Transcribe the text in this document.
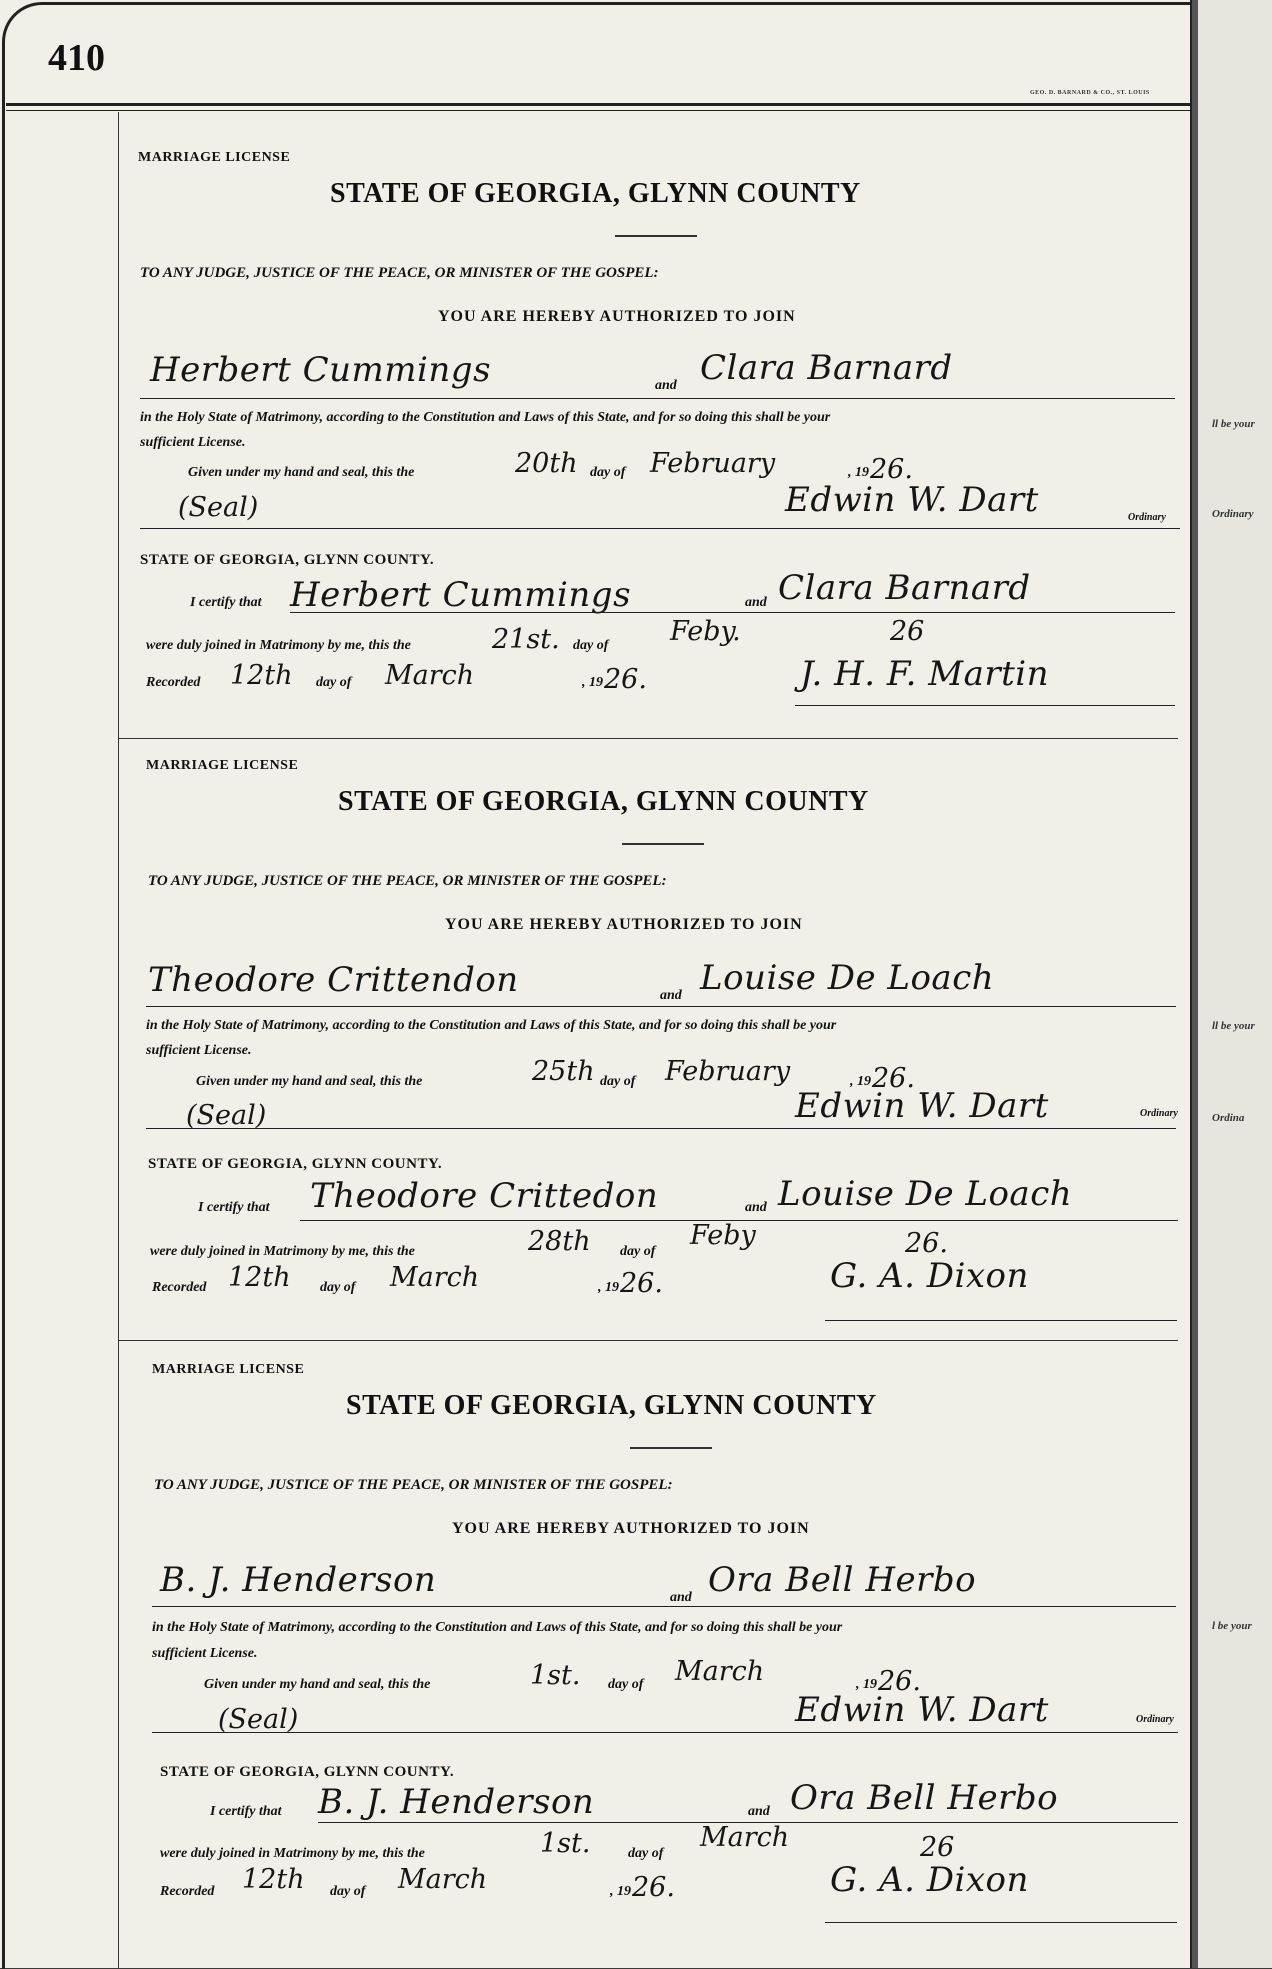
410
GEO. D. BARNARD & CO., ST. LOUIS
ll be your
Ordinary
ll be your
Ordina
l be your
MARRIAGE LICENSE
STATE OF GEORGIA, GLYNN COUNTY
TO ANY JUDGE, JUSTICE OF THE PEACE, OR MINISTER OF THE GOSPEL:
YOU ARE HEREBY AUTHORIZED TO JOIN
Herbert Cummings	and Clara Barnard
in the Holy State of Matrimony, according to the Constitution and Laws of this State, and for so doing this shall be your
sufficient License.
Given under my hand and seal, this the	20th day of February	, 19 26.
(Seal)	Edwin W. Dart	Ordinary
STATE OF GEORGIA, GLYNN COUNTY.
I certify that Herbert Cummings	and Clara Barnard
were duly joined in Matrimony by me, this the	21st. day of Feby.	26
Recorded 12th day of March	, 19 26.	J. H. F. Martin
MARRIAGE LICENSE
STATE OF GEORGIA, GLYNN COUNTY
TO ANY JUDGE, JUSTICE OF THE PEACE, OR MINISTER OF THE GOSPEL:
YOU ARE HEREBY AUTHORIZED TO JOIN
Theodore Crittendon	and Louise De Loach
in the Holy State of Matrimony, according to the Constitution and Laws of this State, and for so doing this shall be your
sufficient License.
Given under my hand and seal, this the	25th day of February	, 19 26.
(Seal)	Edwin W. Dart	Ordinary
STATE OF GEORGIA, GLYNN COUNTY.
I certify that Theodore Crittedon	and Louise De Loach
were duly joined in Matrimony by me, this the	28th day of
Feby	26.
Recorded 12th day of March	, 19 26.	G. A. Dixon
MARRIAGE LICENSE
STATE OF GEORGIA, GLYNN COUNTY
TO ANY JUDGE, JUSTICE OF THE PEACE, OR MINISTER OF THE GOSPEL:
YOU ARE HEREBY AUTHORIZED TO JOIN
B. J. Henderson	and Ora Bell Herbo
in the Holy State of Matrimony, according to the Constitution and Laws of this State, and for so doing this shall be your
sufficient License.
Given under my hand and seal, this the	1st. day of March	, 19 26.
(Seal)	Edwin W. Dart	Ordinary
STATE OF GEORGIA, GLYNN COUNTY.
I certify that B. J. Henderson	and Ora Bell Herbo
were duly joined in Matrimony by me, this the	1st.	day of
March	26
Recorded 12th day of March	, 19 26.	G. A. Dixon
